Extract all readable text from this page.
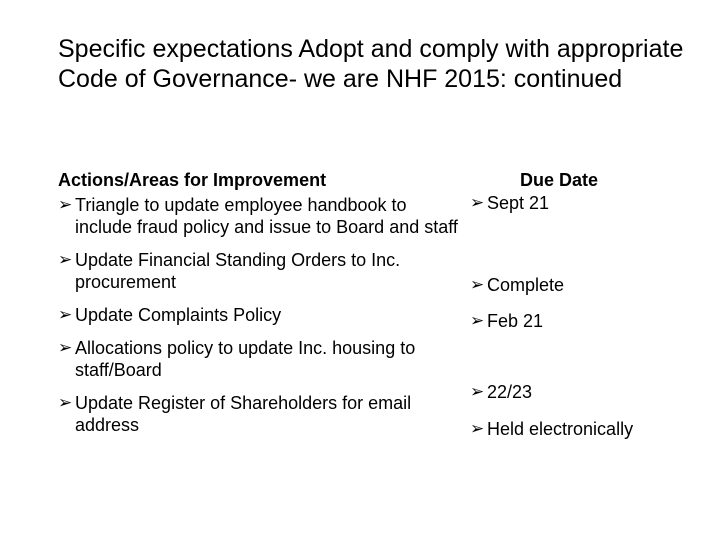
Specific expectations Adopt and comply with appropriate Code of Governance- we are NHF 2015: continued
Actions/Areas for Improvement
➢ Triangle to update employee handbook to include fraud policy and issue to Board and staff
➢ Update Financial Standing Orders to Inc. procurement
➢ Update Complaints Policy
➢ Allocations policy to update Inc. housing to staff/Board
➢ Update Register of Shareholders for email address
Due Date
➢ Sept 21
➢ Complete
➢ Feb 21
➢ 22/23
➢ Held electronically
